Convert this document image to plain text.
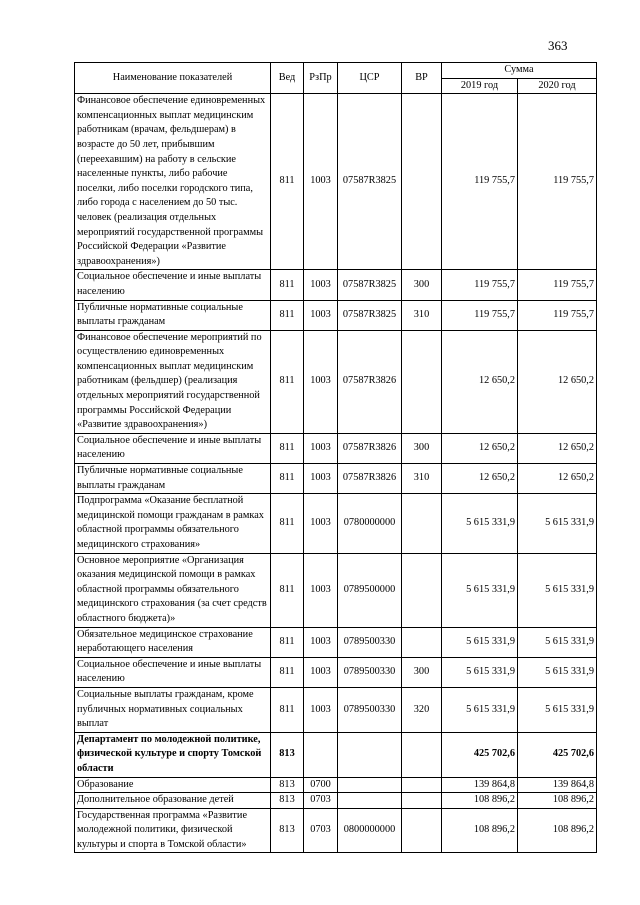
363
Наименование показателей	Вед	РзПр	ЦСР	ВР	Сумма	
					2019 год	2020 год
Финансовое обеспечение единовременных компенсационных выплат медицинским работникам (врачам, фельдшерам) в возрасте до 50 лет, прибывшим (переехавшим) на работу в сельские населенные пункты, либо рабочие поселки, либо поселки городского типа, либо города с населением до 50 тыс. человек (реализация отдельных мероприятий государственной программы Российской Федерации «Развитие здравоохранения»)	811	1003	07587R3825		119 755,7	119 755,7
Социальное обеспечение и иные выплаты населению	811	1003	07587R3825	300	119 755,7	119 755,7
Публичные нормативные социальные выплаты гражданам	811	1003	07587R3825	310	119 755,7	119 755,7
Финансовое обеспечение мероприятий по осуществлению единовременных компенсационных выплат медицинским работникам (фельдшер) (реализация отдельных мероприятий государственной программы Российской Федерации «Развитие здравоохранения»)	811	1003	07587R3826		12 650,2	12 650,2
Социальное обеспечение и иные выплаты населению	811	1003	07587R3826	300	12 650,2	12 650,2
Публичные нормативные социальные выплаты гражданам	811	1003	07587R3826	310	12 650,2	12 650,2
Подпрограмма «Оказание бесплатной медицинской помощи гражданам в рамках областной программы обязательного медицинского страхования»	811	1003	0780000000		5 615 331,9	5 615 331,9
Основное мероприятие «Организация оказания медицинской помощи в рамках областной программы обязательного медицинского страхования (за счет средств областного бюджета)»	811	1003	0789500000		5 615 331,9	5 615 331,9
Обязательное медицинское страхование неработающего населения	811	1003	0789500330		5 615 331,9	5 615 331,9
Социальное обеспечение и иные выплаты населению	811	1003	0789500330	300	5 615 331,9	5 615 331,9
Социальные выплаты гражданам, кроме публичных нормативных социальных выплат	811	1003	0789500330	320	5 615 331,9	5 615 331,9
Департамент по молодежной политике, физической культуре и спорту Томской области	813				425 702,6	425 702,6
Образование	813	0700			139 864,8	139 864,8
Дополнительное образование детей	813	0703			108 896,2	108 896,2
Государственная программа «Развитие молодежной политики, физической культуры и спорта в Томской области»	813	0703	0800000000		108 896,2	108 896,2
